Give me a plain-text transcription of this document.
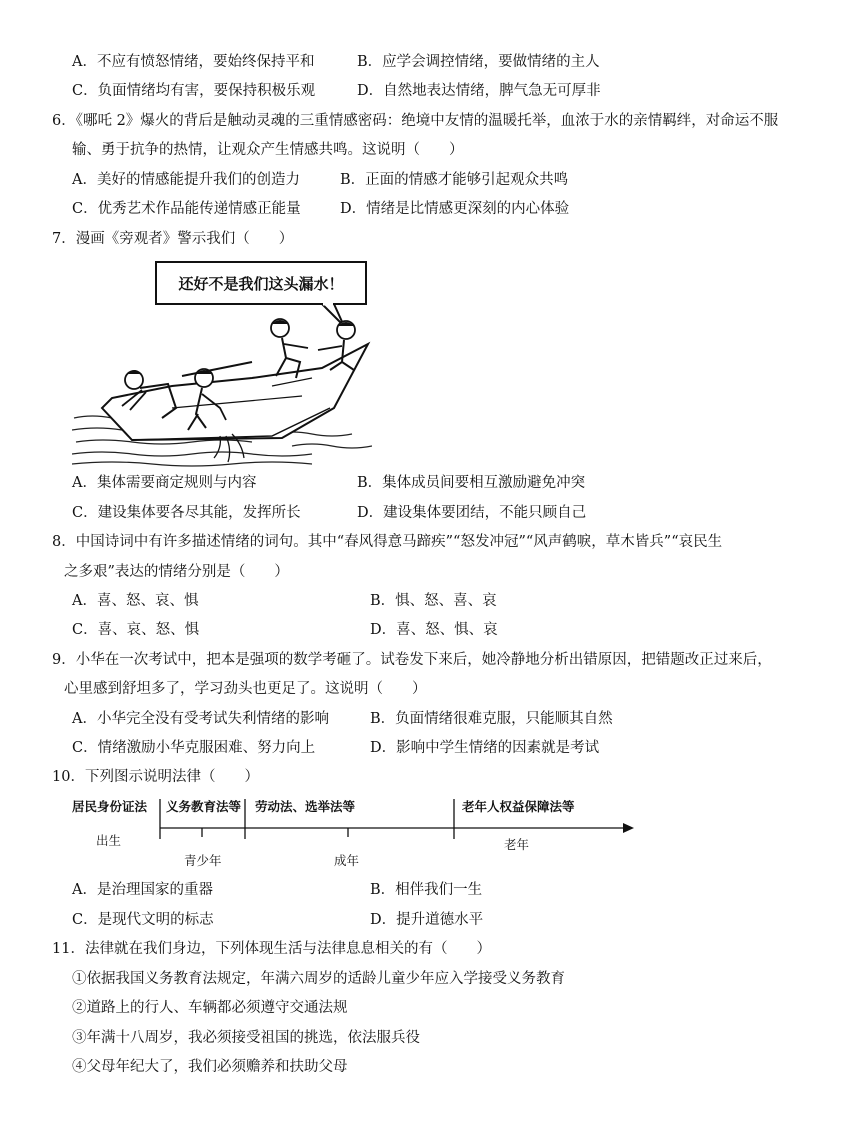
A．不应有愤怒情绪，要始终保持平和	B．应学会调控情绪，要做情绪的主人
C．负面情绪均有害，要保持积极乐观	D．自然地表达情绪，脾气急无可厚非
6．《哪吒 2》爆火的背后是触动灵魂的三重情感密码：绝境中友情的温暖托举，血浓于水的亲情羁绊，对命运不服
输、勇于抗争的热情，让观众产生情感共鸣。这说明（　　）
A．美好的情感能提升我们的创造力	B．正面的情感才能够引起观众共鸣
C．优秀艺术作品能传递情感正能量	D．情绪是比情感更深刻的内心体验
7．漫画《旁观者》警示我们（　　）
还好不是我们这头漏水！
A．集体需要商定规则与内容	B．集体成员间要相互激励避免冲突
C．建设集体要各尽其能，发挥所长	D．建设集体要团结，不能只顾自己
8．中国诗词中有许多描述情绪的词句。其中“春风得意马蹄疾”“怒发冲冠”“风声鹤唳，草木皆兵”“哀民生
之多艰”表达的情绪分别是（　　）
A．喜、怒、哀、惧	B．惧、怒、喜、哀
C．喜、哀、怒、惧	D．喜、怒、惧、哀
9．小华在一次考试中，把本是强项的数学考砸了。试卷发下来后，她冷静地分析出错原因，把错题改正过来后，
心里感到舒坦多了，学习劲头也更足了。这说明（　　）
A．小华完全没有受考试失利情绪的影响	B．负面情绪很难克服，只能顺其自然
C．情绪激励小华克服困难、努力向上	D．影响中学生情绪的因素就是考试
10．下列图示说明法律（　　）
居民身份证法 义务教育法等 劳动法、选举法等	老年人权益保障法等
出生
青少年	成年
老年
A．是治理国家的重器	B．相伴我们一生
C．是现代文明的标志	D．提升道德水平
11．法律就在我们身边，下列体现生活与法律息息相关的有（　　）
①依据我国义务教育法规定，年满六周岁的适龄儿童少年应入学接受义务教育
②道路上的行人、车辆都必须遵守交通法规
③年满十八周岁，我必须接受祖国的挑选，依法服兵役
④父母年纪大了，我们必须赡养和扶助父母
